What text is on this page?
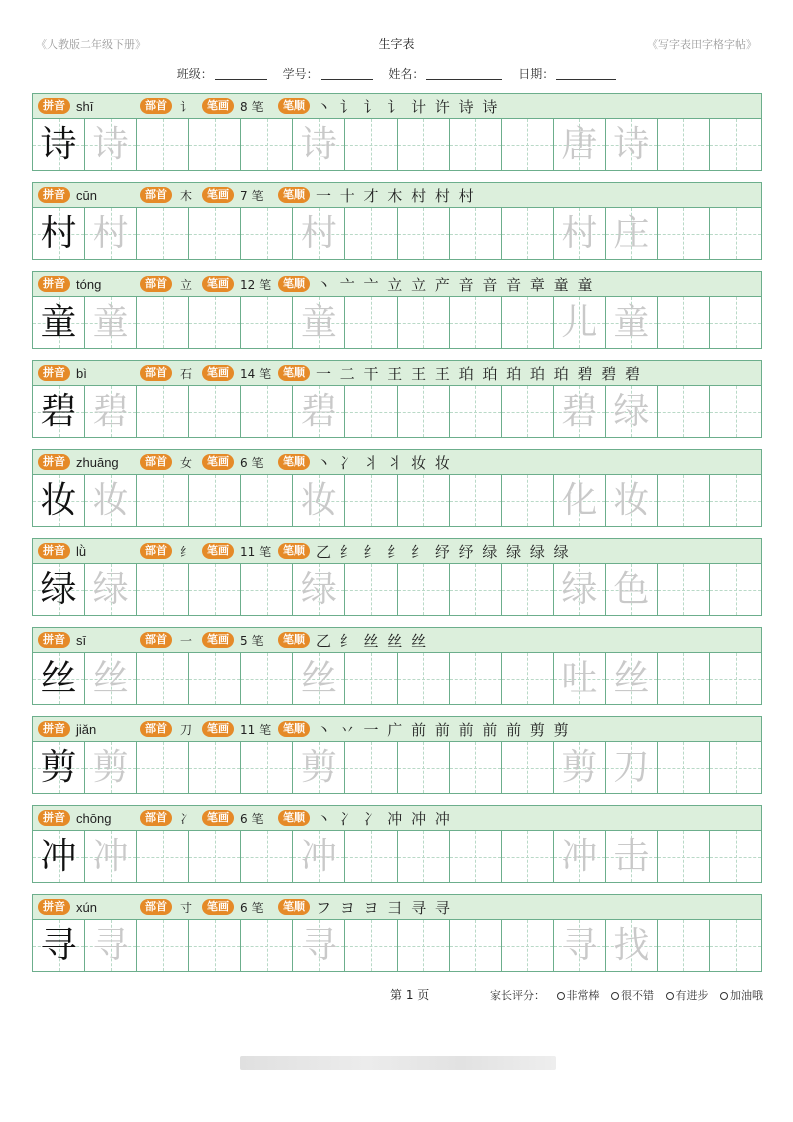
《人教版二年级下册》	生字表	《写字表田字格字帖》
班级：	学号：	姓名：	日期：
拼音 shī	部首	讠	笔画 8 笔	笔顺 丶 讠 讠 讠 计 许 诗 诗
诗 诗	诗	唐 诗
拼音 cūn	部首	木	笔画 7 笔	笔顺 一 十 才 木 村 村 村
村 村	村	村 庄
拼音 tóng	部首	立	笔画 12 笔	笔顺 丶 亠 亠 立 立 产 音 音 音 章 童 童
童 童	童	儿 童
拼音 bì	部首	石	笔画 14 笔	笔顺 一 二 干 王 王 王 珀 珀 珀 珀 珀 碧 碧 碧
碧 碧	碧	碧 绿
拼音 zhuāng	部首	女	笔画 6 笔	笔顺 丶 冫 丬 丬 妆 妆
妆 妆	妆	化 妆
拼音 lǜ	部首	纟	笔画 11 笔	笔顺 乙 纟 纟 纟 纟 纾 纾 绿 绿 绿 绿
绿 绿	绿	绿 色
拼音 sī	部首	一	笔画 5 笔	笔顺 乙 纟 丝 丝 丝
丝 丝	丝	吐 丝
拼音 jiǎn	部首	刀	笔画 11 笔	笔顺 丶 丷 一 广 前 前 前 前 前 剪 剪
剪 剪	剪	剪 刀
拼音 chōng	部首	冫	笔画 6 笔	笔顺 丶 冫 冫 冲 冲 冲
冲 冲	冲	冲 击
拼音 xún	部首	寸	笔画 6 笔	笔顺 フ ヨ ヨ 彐 寻 寻
寻 寻	寻	寻 找
第 1 页	家长评分： 非常棒 很不错 有进步 加油哦
